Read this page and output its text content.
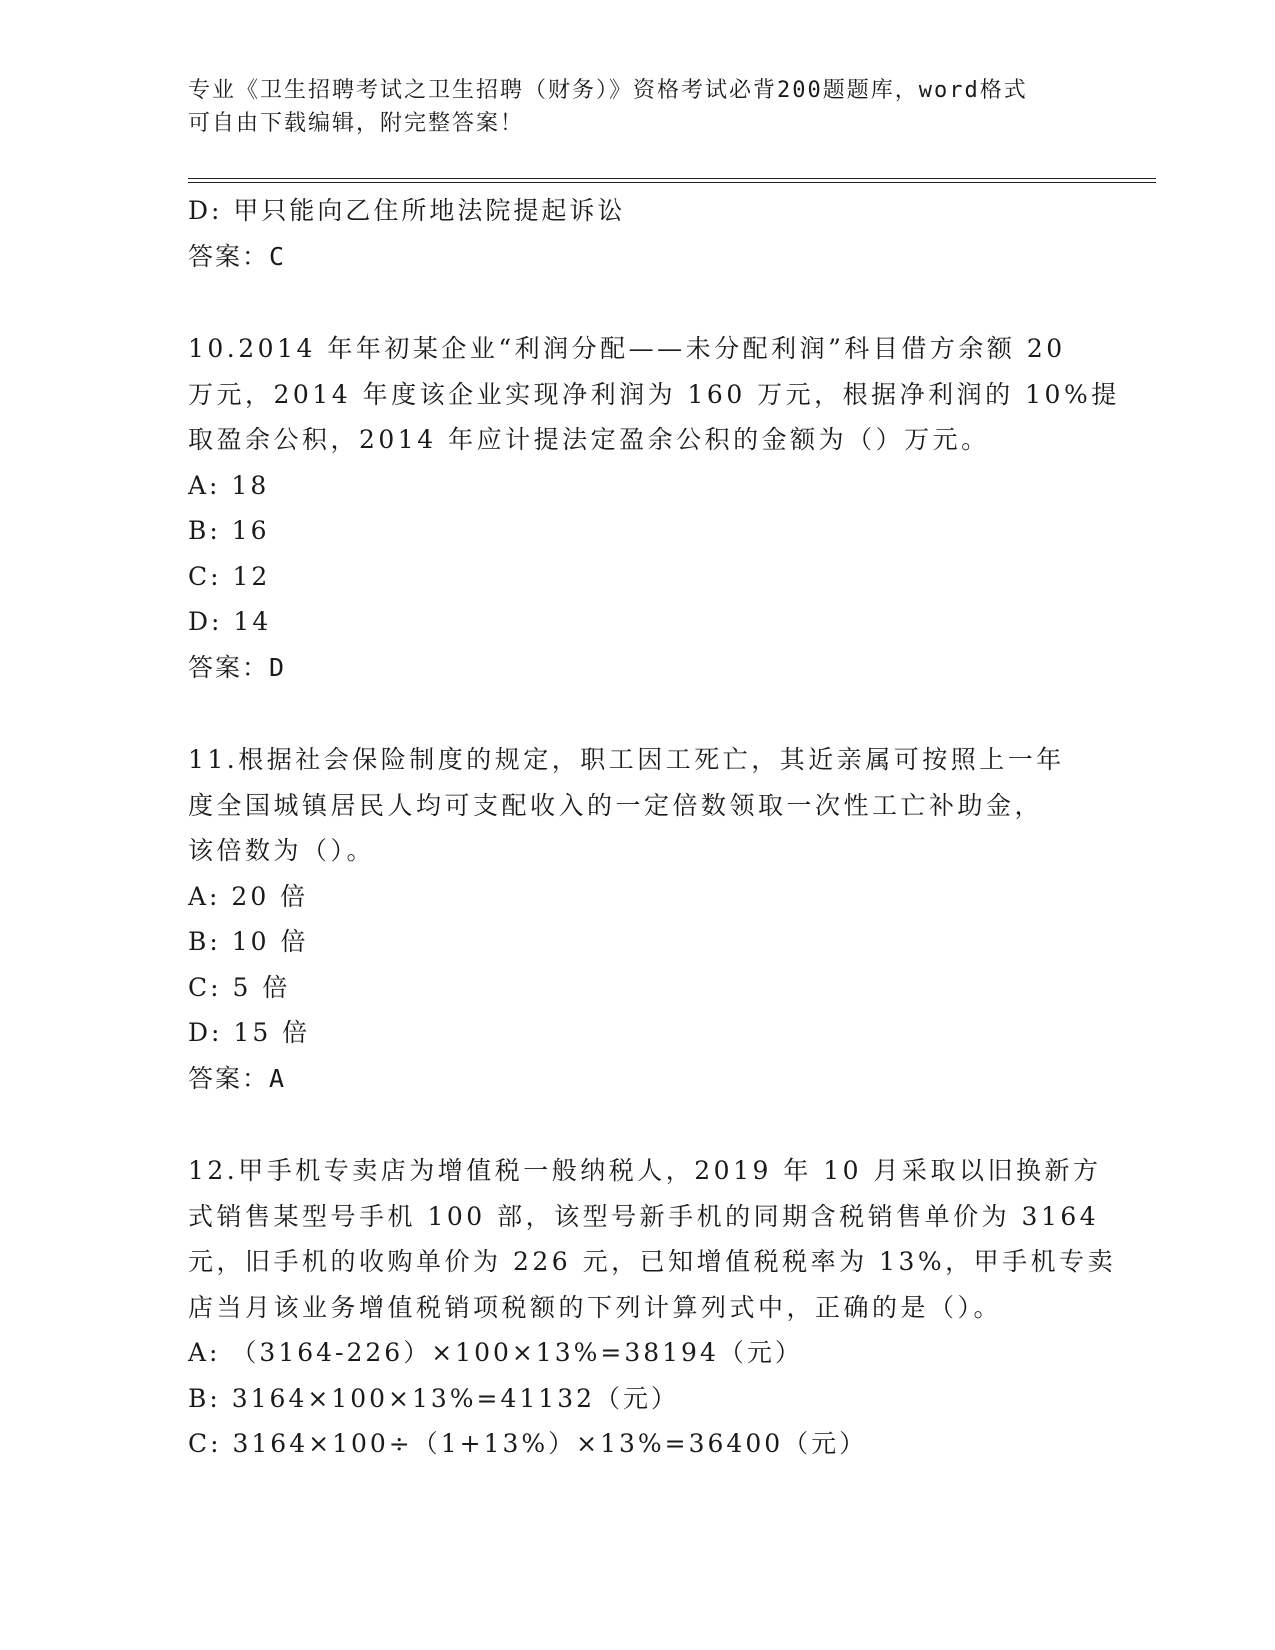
专业《卫生招聘考试之卫生招聘（财务）》资格考试必背200题题库，word格式
可自由下载编辑，附完整答案！
D: 甲只能向乙住所地法院提起诉讼
答案：C
10.2014 年年初某企业“利润分配——未分配利润”科目借方余额 20
万元，2014 年度该企业实现净利润为 160 万元，根据净利润的 10%提
取盈余公积，2014 年应计提法定盈余公积的金额为（）万元。
A: 18
B: 16
C: 12
D: 14
答案：D
11.根据社会保险制度的规定，职工因工死亡，其近亲属可按照上一年
度全国城镇居民人均可支配收入的一定倍数领取一次性工亡补助金，
该倍数为（）。
A: 20 倍
B: 10 倍
C: 5 倍
D: 15 倍
答案：A
12.甲手机专卖店为增值税一般纳税人，2019 年 10 月采取以旧换新方
式销售某型号手机 100 部，该型号新手机的同期含税销售单价为 3164
元，旧手机的收购单价为 226 元，已知增值税税率为 13%，甲手机专卖
店当月该业务增值税销项税额的下列计算列式中，正确的是（）。
A: （3164-226）×100×13%=38194（元）
B: 3164×100×13%=41132（元）
C: 3164×100÷（1+13%）×13%=36400（元）
